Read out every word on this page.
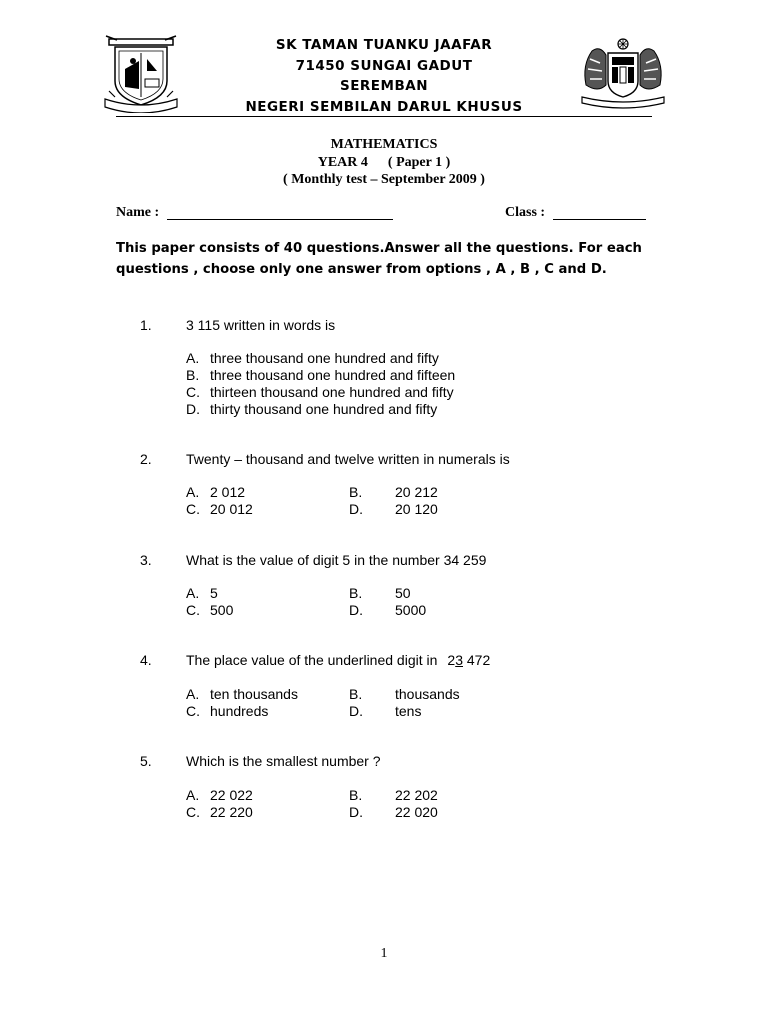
SK TAMAN TUANKU JAAFAR
71450 SUNGAI GADUT
SEREMBAN
NEGERI SEMBILAN DARUL KHUSUS
MATHEMATICS
YEAR 4 ( Paper 1 )
( Monthly test – September 2009 )
Name :	Class :
This paper consists of 40 questions.Answer all the questions. For each questions , choose only one answer from options , A , B , C and D.
1. 3 115 written in words is
A. three thousand one hundred and fifty
B. three thousand one hundred and fifteen
C. thirteen thousand one hundred and fifty
D. thirty thousand one hundred and fifty
2. Twenty – thousand and twelve written in numerals is
A. 2 012	B. 20 212
C. 20 012	D. 20 120
3. What is the value of digit 5 in the number 34 259
A. 5	B. 50
C. 500	D. 5000
4. The place value of the underlined digit in 23 472
A. ten thousands	B. thousands
C. hundreds	D. tens
5. Which is the smallest number ?
A. 22 022	B. 22 202
C. 22 220	D. 22 020
1
